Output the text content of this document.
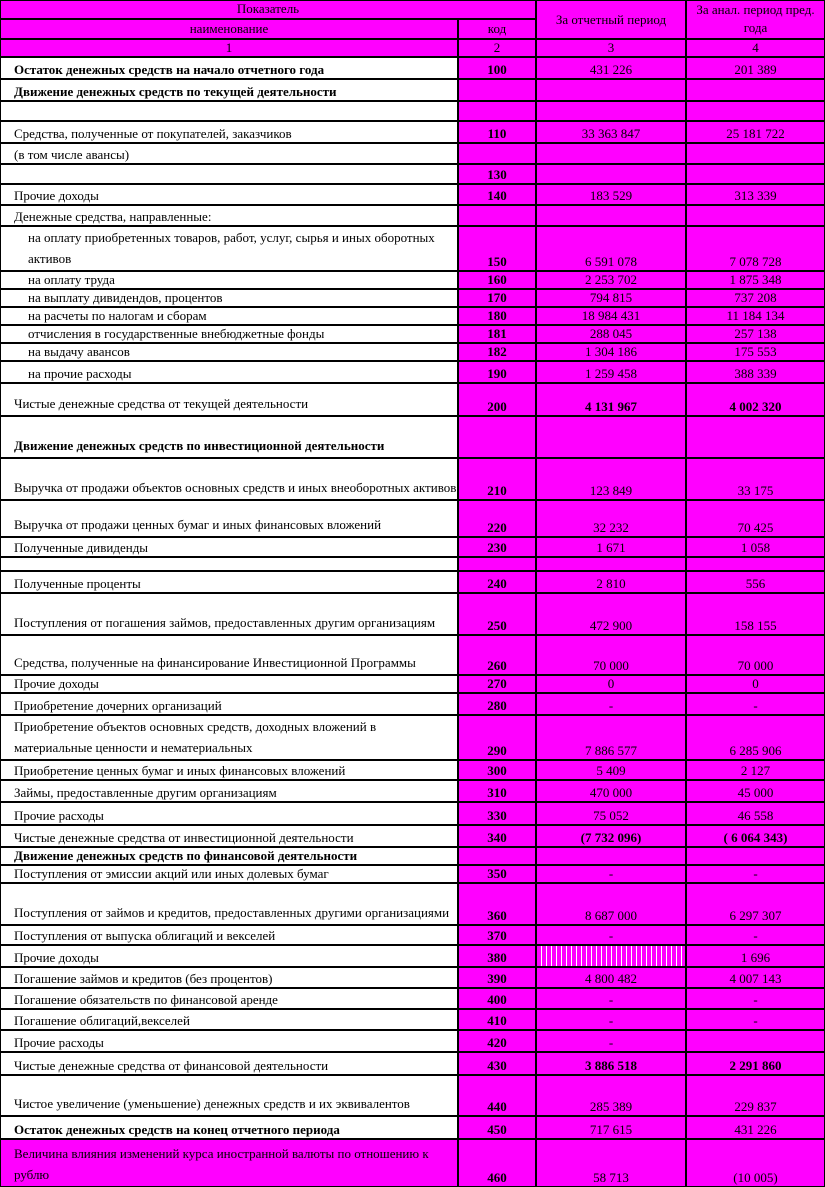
Показатель		За отчетный период	За анал. период пред. года
наименование	код		
1	2	3	4
Остаток денежных средств на начало отчетного года	100	431 226	201 389
Движение денежных средств по текущей деятельности			

Средства, полученные от покупателей, заказчиков	110	33 363 847	25 181 722
(в том числе авансы)			
	130		
Прочие доходы	140	183 529	313 339
Денежные средства, направленные:			
на оплату приобретенных товаров, работ, услуг, сырья и иных оборотных активов	150	6 591 078	7 078 728
на оплату труда	160	2 253 702	1 875 348
на выплату дивидендов, процентов	170	794 815	737 208
на расчеты по налогам и сборам	180	18 984 431	11 184 134
отчисления в государственные внебюджетные фонды	181	288 045	257 138
на выдачу авансов	182	1 304 186	175 553
на прочие расходы	190	1 259 458	388 339
Чистые денежные средства от текущей деятельности	200	4 131 967	4 002 320
Движение денежных средств по инвестиционной деятельности			
Выручка от продажи объектов основных средств и иных внеоборотных активов	210	123 849	33 175
Выручка от продажи ценных бумаг и иных финансовых вложений	220	32 232	70 425
Полученные дивиденды	230	1 671	1 058

Полученные проценты	240	2 810	556
Поступления от погашения займов, предоставленных другим организациям	250	472 900	158 155
Средства, полученные на финансирование Инвестиционной Программы	260	70 000	70 000
Прочие доходы	270	0	0
Приобретение дочерних организаций	280	-	-
Приобретение объектов основных средств, доходных вложений в материальные ценности и нематериальных	290	7 886 577	6 285 906
Приобретение ценных бумаг и иных финансовых вложений	300	5 409	2 127
Займы, предоставленные другим организациям	310	470 000	45 000
Прочие расходы	330	75 052	46 558
Чистые денежные средства от инвестиционной деятельности	340	(7 732 096)	( 6 064 343)
Движение денежных средств по финансовой деятельности			
Поступления от эмиссии акций или иных долевых бумаг	350	-	-
Поступления от займов и кредитов, предоставленных другими организациями	360	8 687 000	6 297 307
Поступления от выпуска облигаций и векселей	370	-	-
Прочие доходы	380		1 696
Погашение займов и кредитов (без процентов)	390	4 800 482	4 007 143
Погашение обязательств по финансовой аренде	400	-	-
Погашение облигаций,векселей	410	-	-
Прочие расходы	420	-	
Чистые денежные средства от финансовой деятельности	430	3 886 518	2 291 860
Чистое увеличение (уменьшение) денежных средств и их эквивалентов	440	285 389	229 837
Остаток денежных средств на конец отчетного периода	450	717 615	431 226
Величина влияния изменений курса иностранной валюты по отношению к рублю	460	58 713	(10 005)
